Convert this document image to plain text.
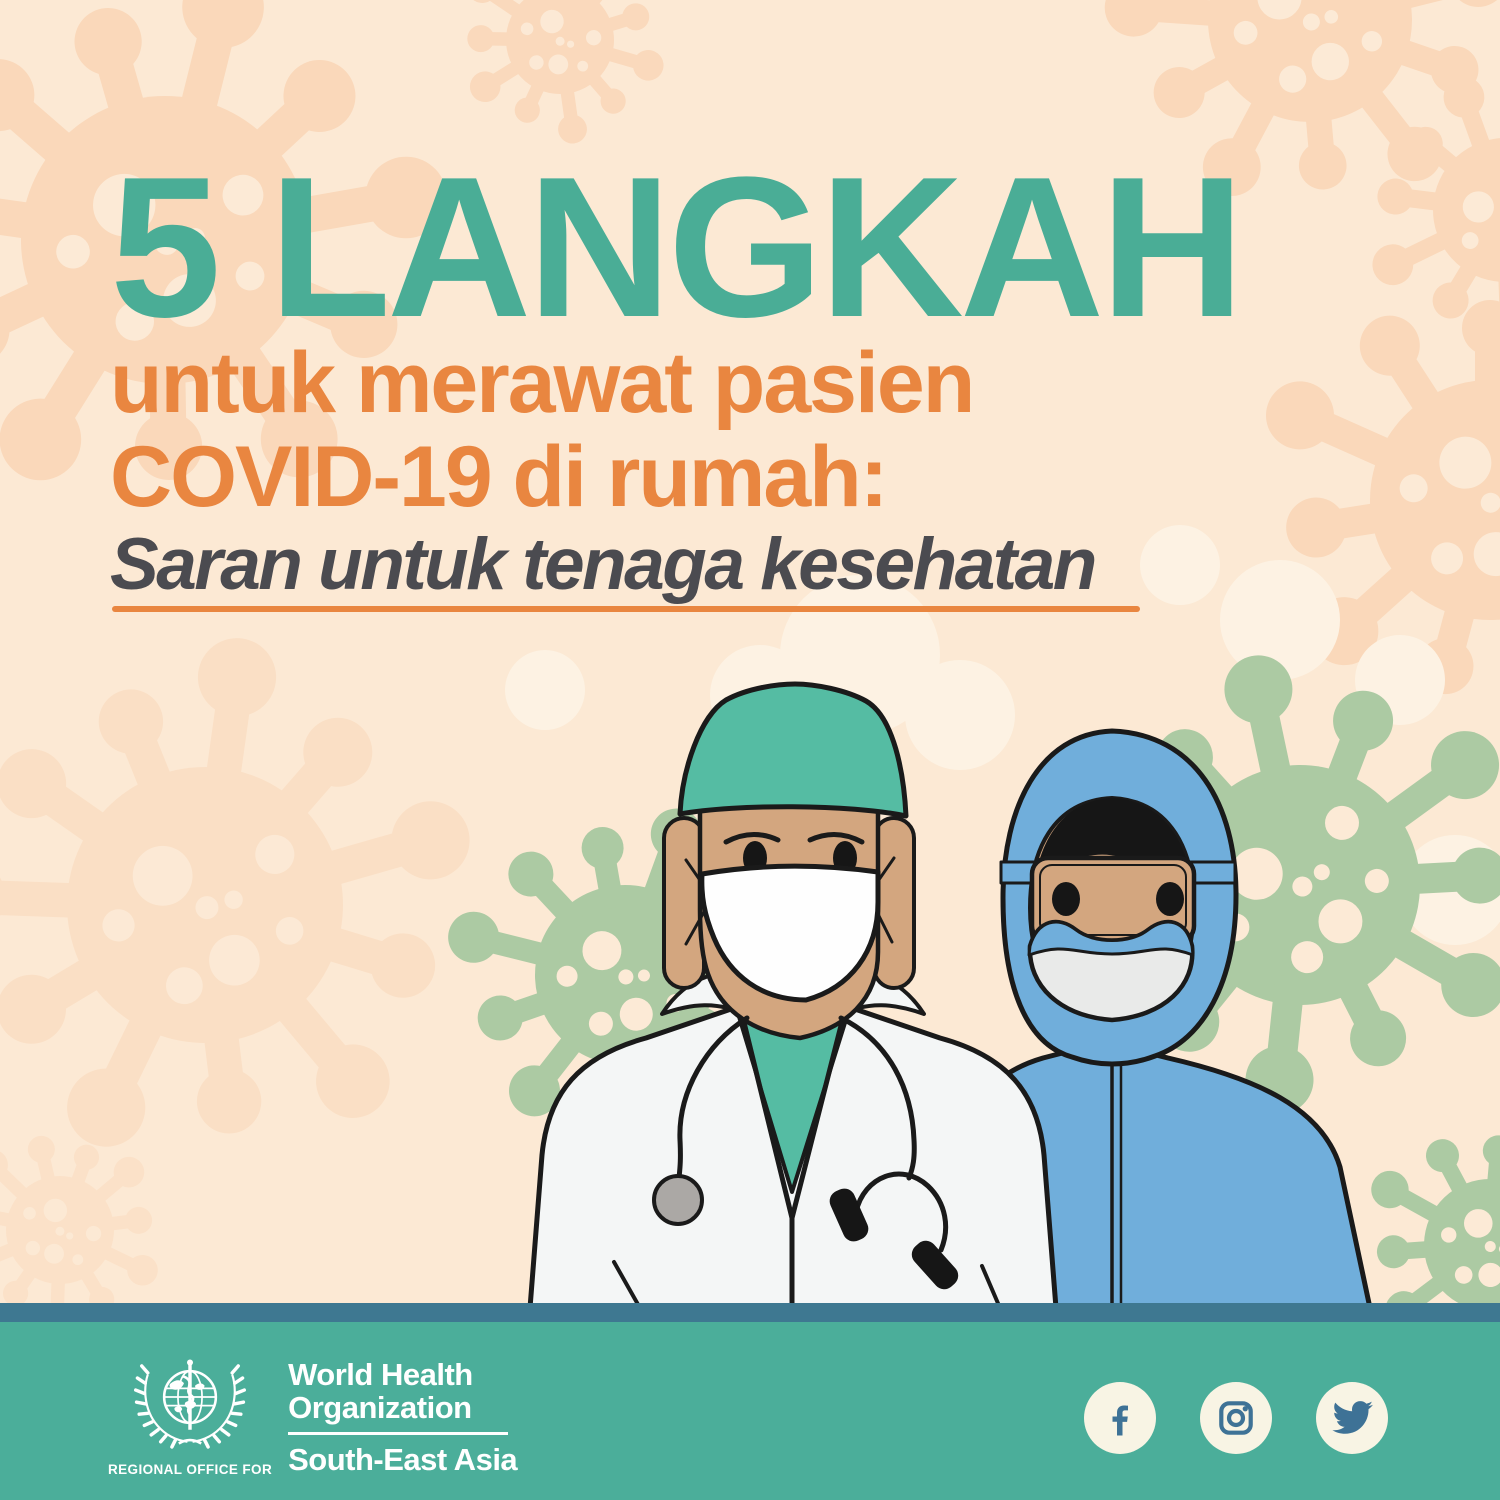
5 LANGKAH
untuk merawat pasien
COVID-19 di rumah:
Saran untuk tenaga kesehatan
REGIONAL OFFICE FOR
World Health
Organization
South-East Asia
